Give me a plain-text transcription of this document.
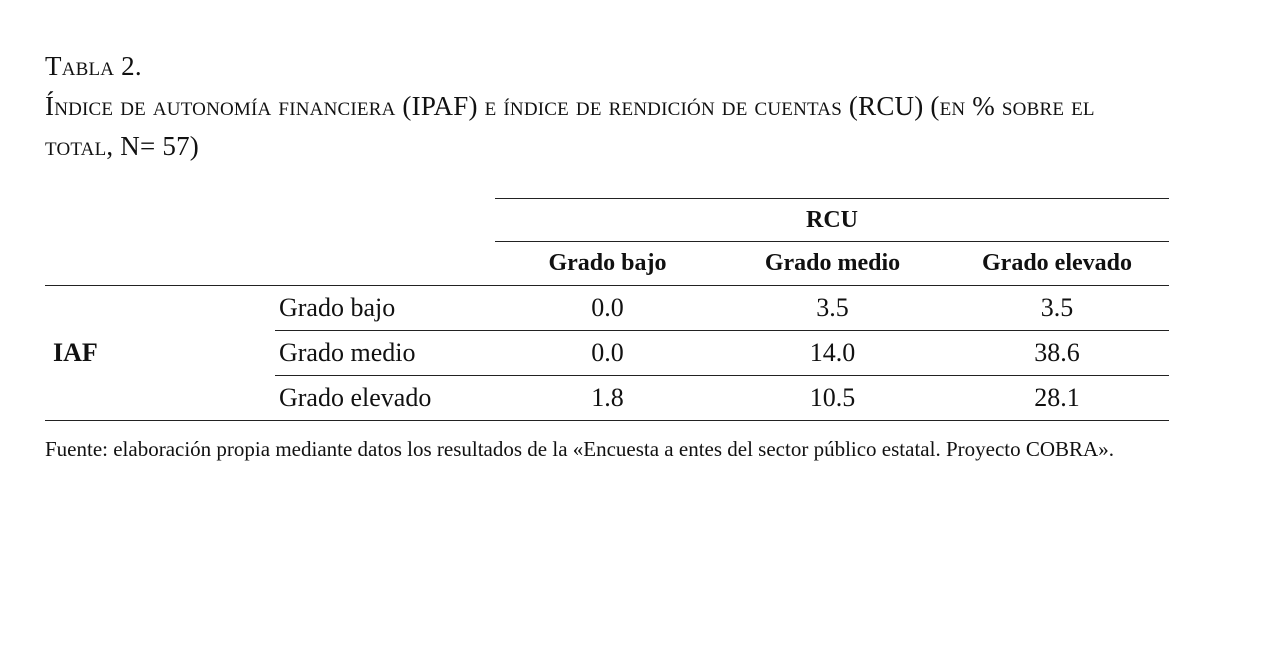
Tabla 2.
Índice de autonomía financiera (IPAF) e índice de rendición de cuentas (RCU) (en % sobre el
total, N= 57)
		RCU		
		Grado bajo	Grado medio	Grado elevado
IAF	Grado bajo	0.0	3.5	3.5
	Grado medio	0.0	14.0	38.6
	Grado elevado	1.8	10.5	28.1
Fuente: elaboración propia mediante datos los resultados de la «Encuesta a entes del sector público estatal. Proyecto COBRA».
